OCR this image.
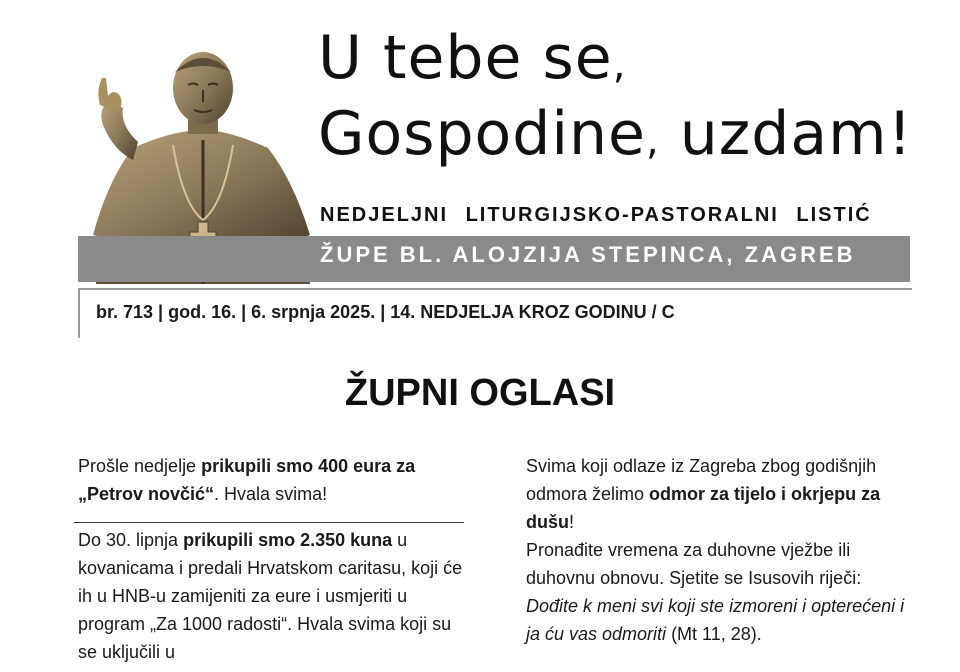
U tebe se,
Gospodine, uzdam!
NEDJELJNI LITURGIJSKO-PASTORALNI LISTIĆ
ŽUPE BL. ALOJZIJA STEPINCA, ZAGREB
br. 713 | god. 16. | 6. srpnja 2025. | 14. NEDJELJA KROZ GODINU / C
ŽUPNI OGLASI

Prošle nedjelje prikupili smo 400 eura za „Petrov novčić“. Hvala svima!

Do 30. lipnja prikupili smo 2.350 kuna u kovanicama i predali Hrvatskom caritasu, koji će ih u HNB-u zamijeniti za eure i usmjeriti u program „Za 1000 radosti“. Hvala svima koji su se uključili u

Svima koji odlaze iz Zagreba zbog godišnjih odmora želimo odmor za tijelo i okrjepu za dušu!

Pronađite vremena za duhovne vježbe ili duhovnu obnovu. Sjetite se Isusovih riječi: Dođite k meni svi koji ste izmoreni i opterećeni i ja ću vas odmoriti (Mt 11, 28).
